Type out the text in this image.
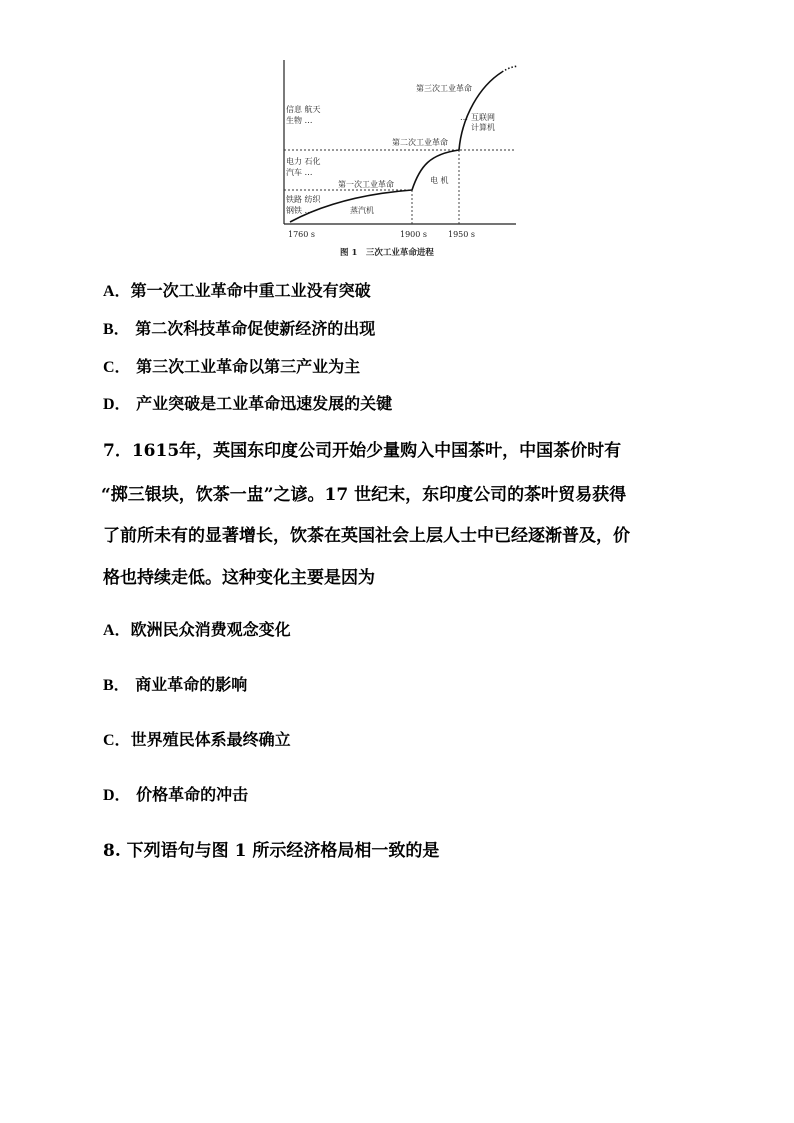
信息 航天
生物 …
电力 石化
汽车 …
铁路 纺织
钢铁 …
第一次工业革命
第二次工业革命
第三次工业革命
蒸汽机
电 机
互联网
计算机
…
1760 s	1900 s	1950 s
图 1　三次工业革命进程
A．第一次工业革命中重工业没有突破
B． 第二次科技革命促使新经济的出现
C． 第三次工业革命以第三产业为主
D． 产业突破是工业革命迅速发展的关键
7．1615年，英国东印度公司开始少量购入中国茶叶，中国茶价时有
“掷三银块，饮茶一盅”之谚。17 世纪末，东印度公司的茶叶贸易获得
了前所未有的显著增长，饮茶在英国社会上层人士中已经逐渐普及，价
格也持续走低。这种变化主要是因为
A．欧洲民众消费观念变化
B． 商业革命的影响
C．世界殖民体系最终确立
D． 价格革命的冲击
8. 下列语句与图 1 所示经济格局相一致的是
